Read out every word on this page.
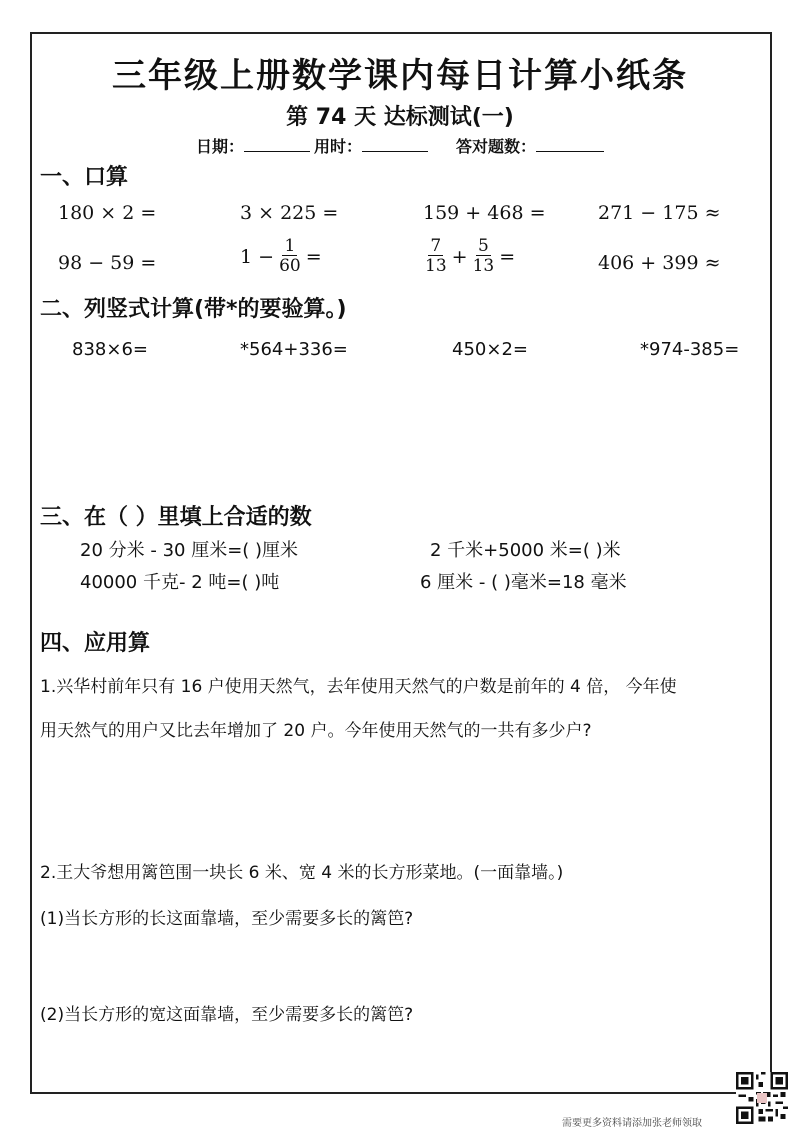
三年级上册数学课内每日计算小纸条
第 74 天 达标测试(一)
日期：	用时：	答对题数：
一、口算
180 × 2 =	3 × 225 =	159 + 468 =	271 − 175 ≈
98 − 59 =	$1 - \frac{1}{60}$ =	$\frac{7}{13} + \frac{5}{13}$ =	406 + 399 ≈
二、列竖式计算(带*的要验算。)
838×6=	*564+336=	450×2=	*974-385=
三、在（ ）里填上合适的数
20 分米 - 30 厘米=( )厘米	2 千米+5000 米=( )米
40000 千克- 2 吨=( )吨	6 厘米 - ( )毫米=18 毫米
四、应用算
1.兴华村前年只有 16 户使用天然气，去年使用天然气的户数是前年的 4 倍， 今年使
用天然气的用户又比去年增加了 20 户。今年使用天然气的一共有多少户?
2.王大爷想用篱笆围一块长 6 米、宽 4 米的长方形菜地。(一面靠墙。)
(1)当长方形的长这面靠墙，至少需要多长的篱笆?
(2)当长方形的宽这面靠墙，至少需要多长的篱笆?
需要更多资料请添加张老师领取
